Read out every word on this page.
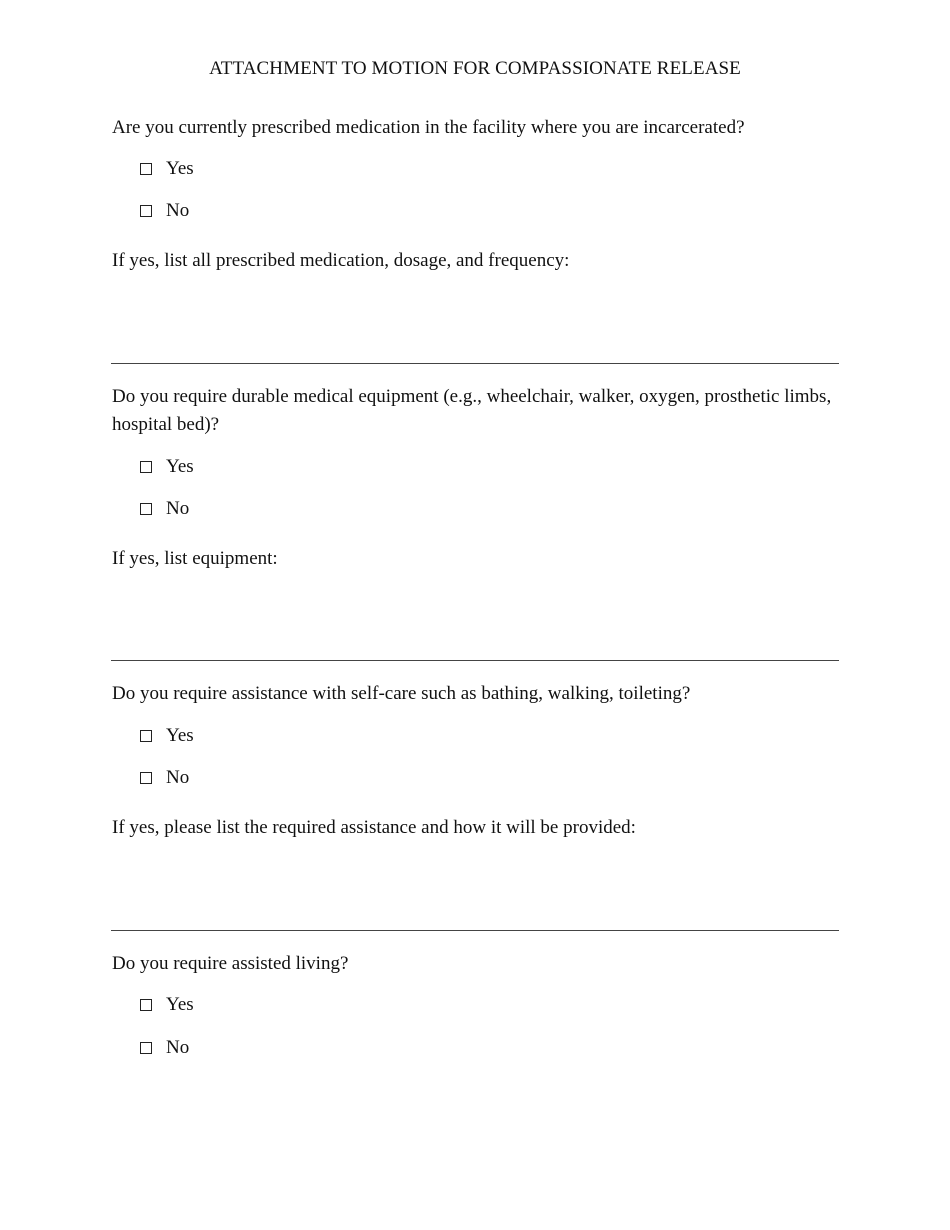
ATTACHMENT TO MOTION FOR COMPASSIONATE RELEASE
Are you currently prescribed medication in the facility where you are incarcerated?
Yes
No
If yes, list all prescribed medication, dosage, and frequency:
Do you require durable medical equipment (e.g., wheelchair, walker, oxygen, prosthetic limbs, hospital bed)?
Yes
No
If yes, list equipment:
Do you require assistance with self-care such as bathing, walking, toileting?
Yes
No
If yes, please list the required assistance and how it will be provided:
Do you require assisted living?
Yes
No
